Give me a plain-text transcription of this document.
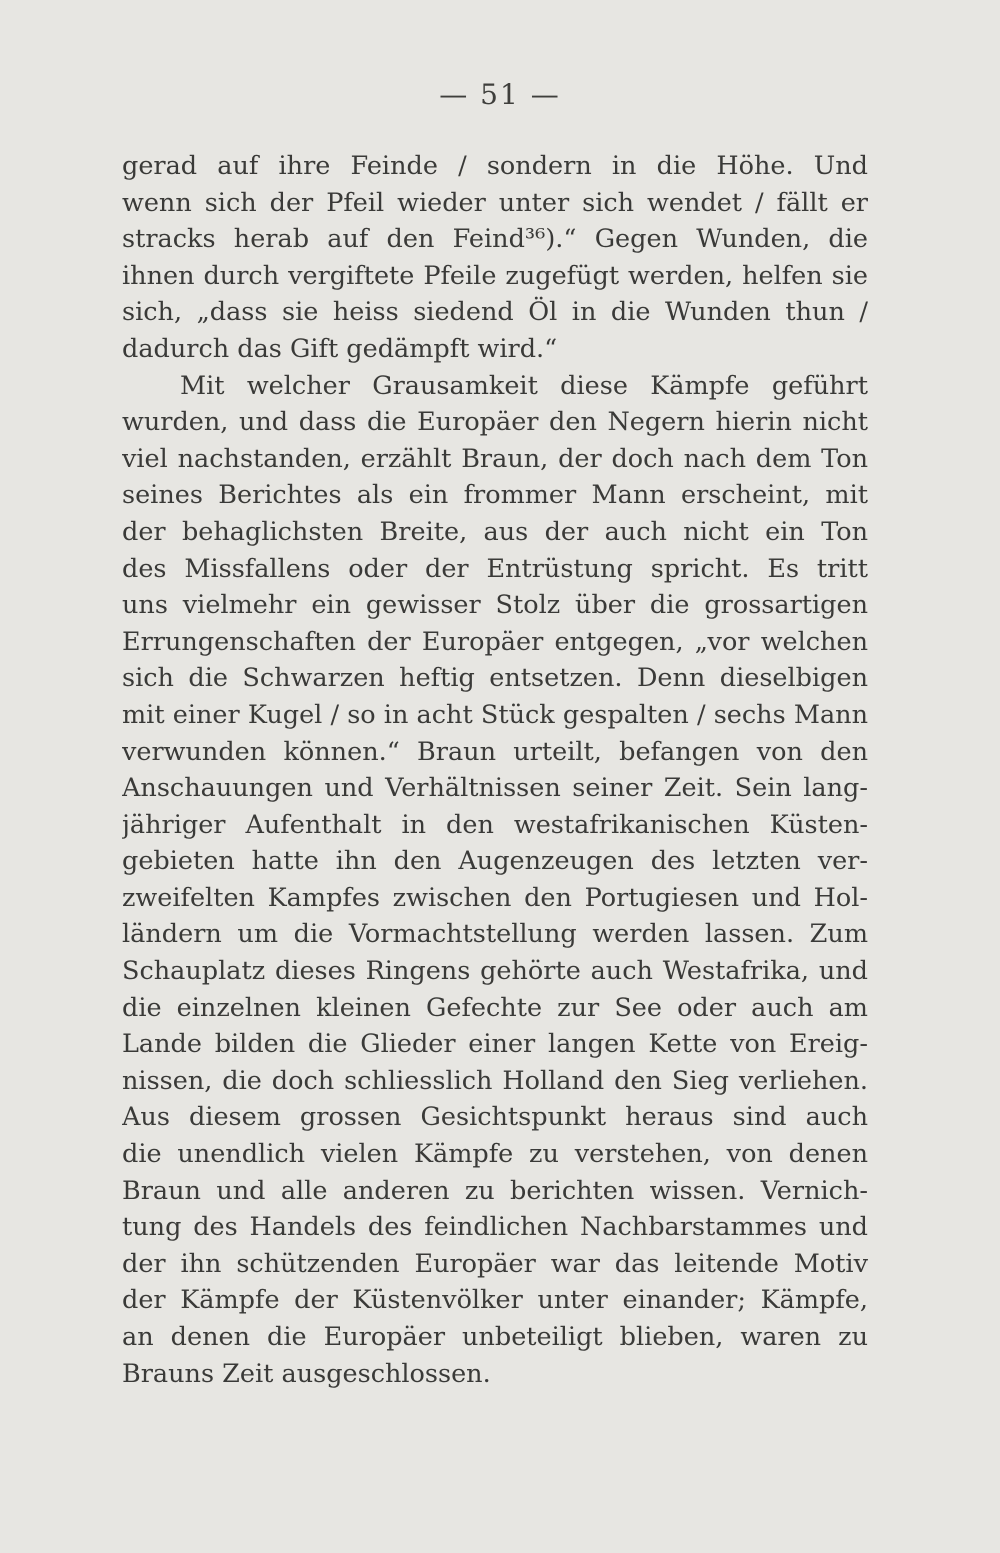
— 51 —
gerad auf ihre Feinde / sondern in die Höhe. Und
wenn sich der Pfeil wieder unter sich wendet / fällt er
stracks herab auf den Feind³⁶).“ Gegen Wunden, die
ihnen durch vergiftete Pfeile zugefügt werden, helfen sie
sich, „dass sie heiss siedend Öl in die Wunden thun /
dadurch das Gift gedämpft wird.“
Mit welcher Grausamkeit diese Kämpfe geführt
wurden, und dass die Europäer den Negern hierin nicht
viel nachstanden, erzählt Braun, der doch nach dem Ton
seines Berichtes als ein frommer Mann erscheint, mit
der behaglichsten Breite, aus der auch nicht ein Ton
des Missfallens oder der Entrüstung spricht. Es tritt
uns vielmehr ein gewisser Stolz über die grossartigen
Errungenschaften der Europäer entgegen, „vor welchen
sich die Schwarzen heftig entsetzen. Denn dieselbigen
mit einer Kugel / so in acht Stück gespalten / sechs Mann
verwunden können.“ Braun urteilt, befangen von den
Anschauungen und Verhältnissen seiner Zeit. Sein lang-
jähriger Aufenthalt in den westafrikanischen Küsten-
gebieten hatte ihn den Augenzeugen des letzten ver-
zweifelten Kampfes zwischen den Portugiesen und Hol-
ländern um die Vormachtstellung werden lassen. Zum
Schauplatz dieses Ringens gehörte auch Westafrika, und
die einzelnen kleinen Gefechte zur See oder auch am
Lande bilden die Glieder einer langen Kette von Ereig-
nissen, die doch schliesslich Holland den Sieg verliehen.
Aus diesem grossen Gesichtspunkt heraus sind auch
die unendlich vielen Kämpfe zu verstehen, von denen
Braun und alle anderen zu berichten wissen. Vernich-
tung des Handels des feindlichen Nachbarstammes und
der ihn schützenden Europäer war das leitende Motiv
der Kämpfe der Küstenvölker unter einander; Kämpfe,
an denen die Europäer unbeteiligt blieben, waren zu
Brauns Zeit ausgeschlossen.
